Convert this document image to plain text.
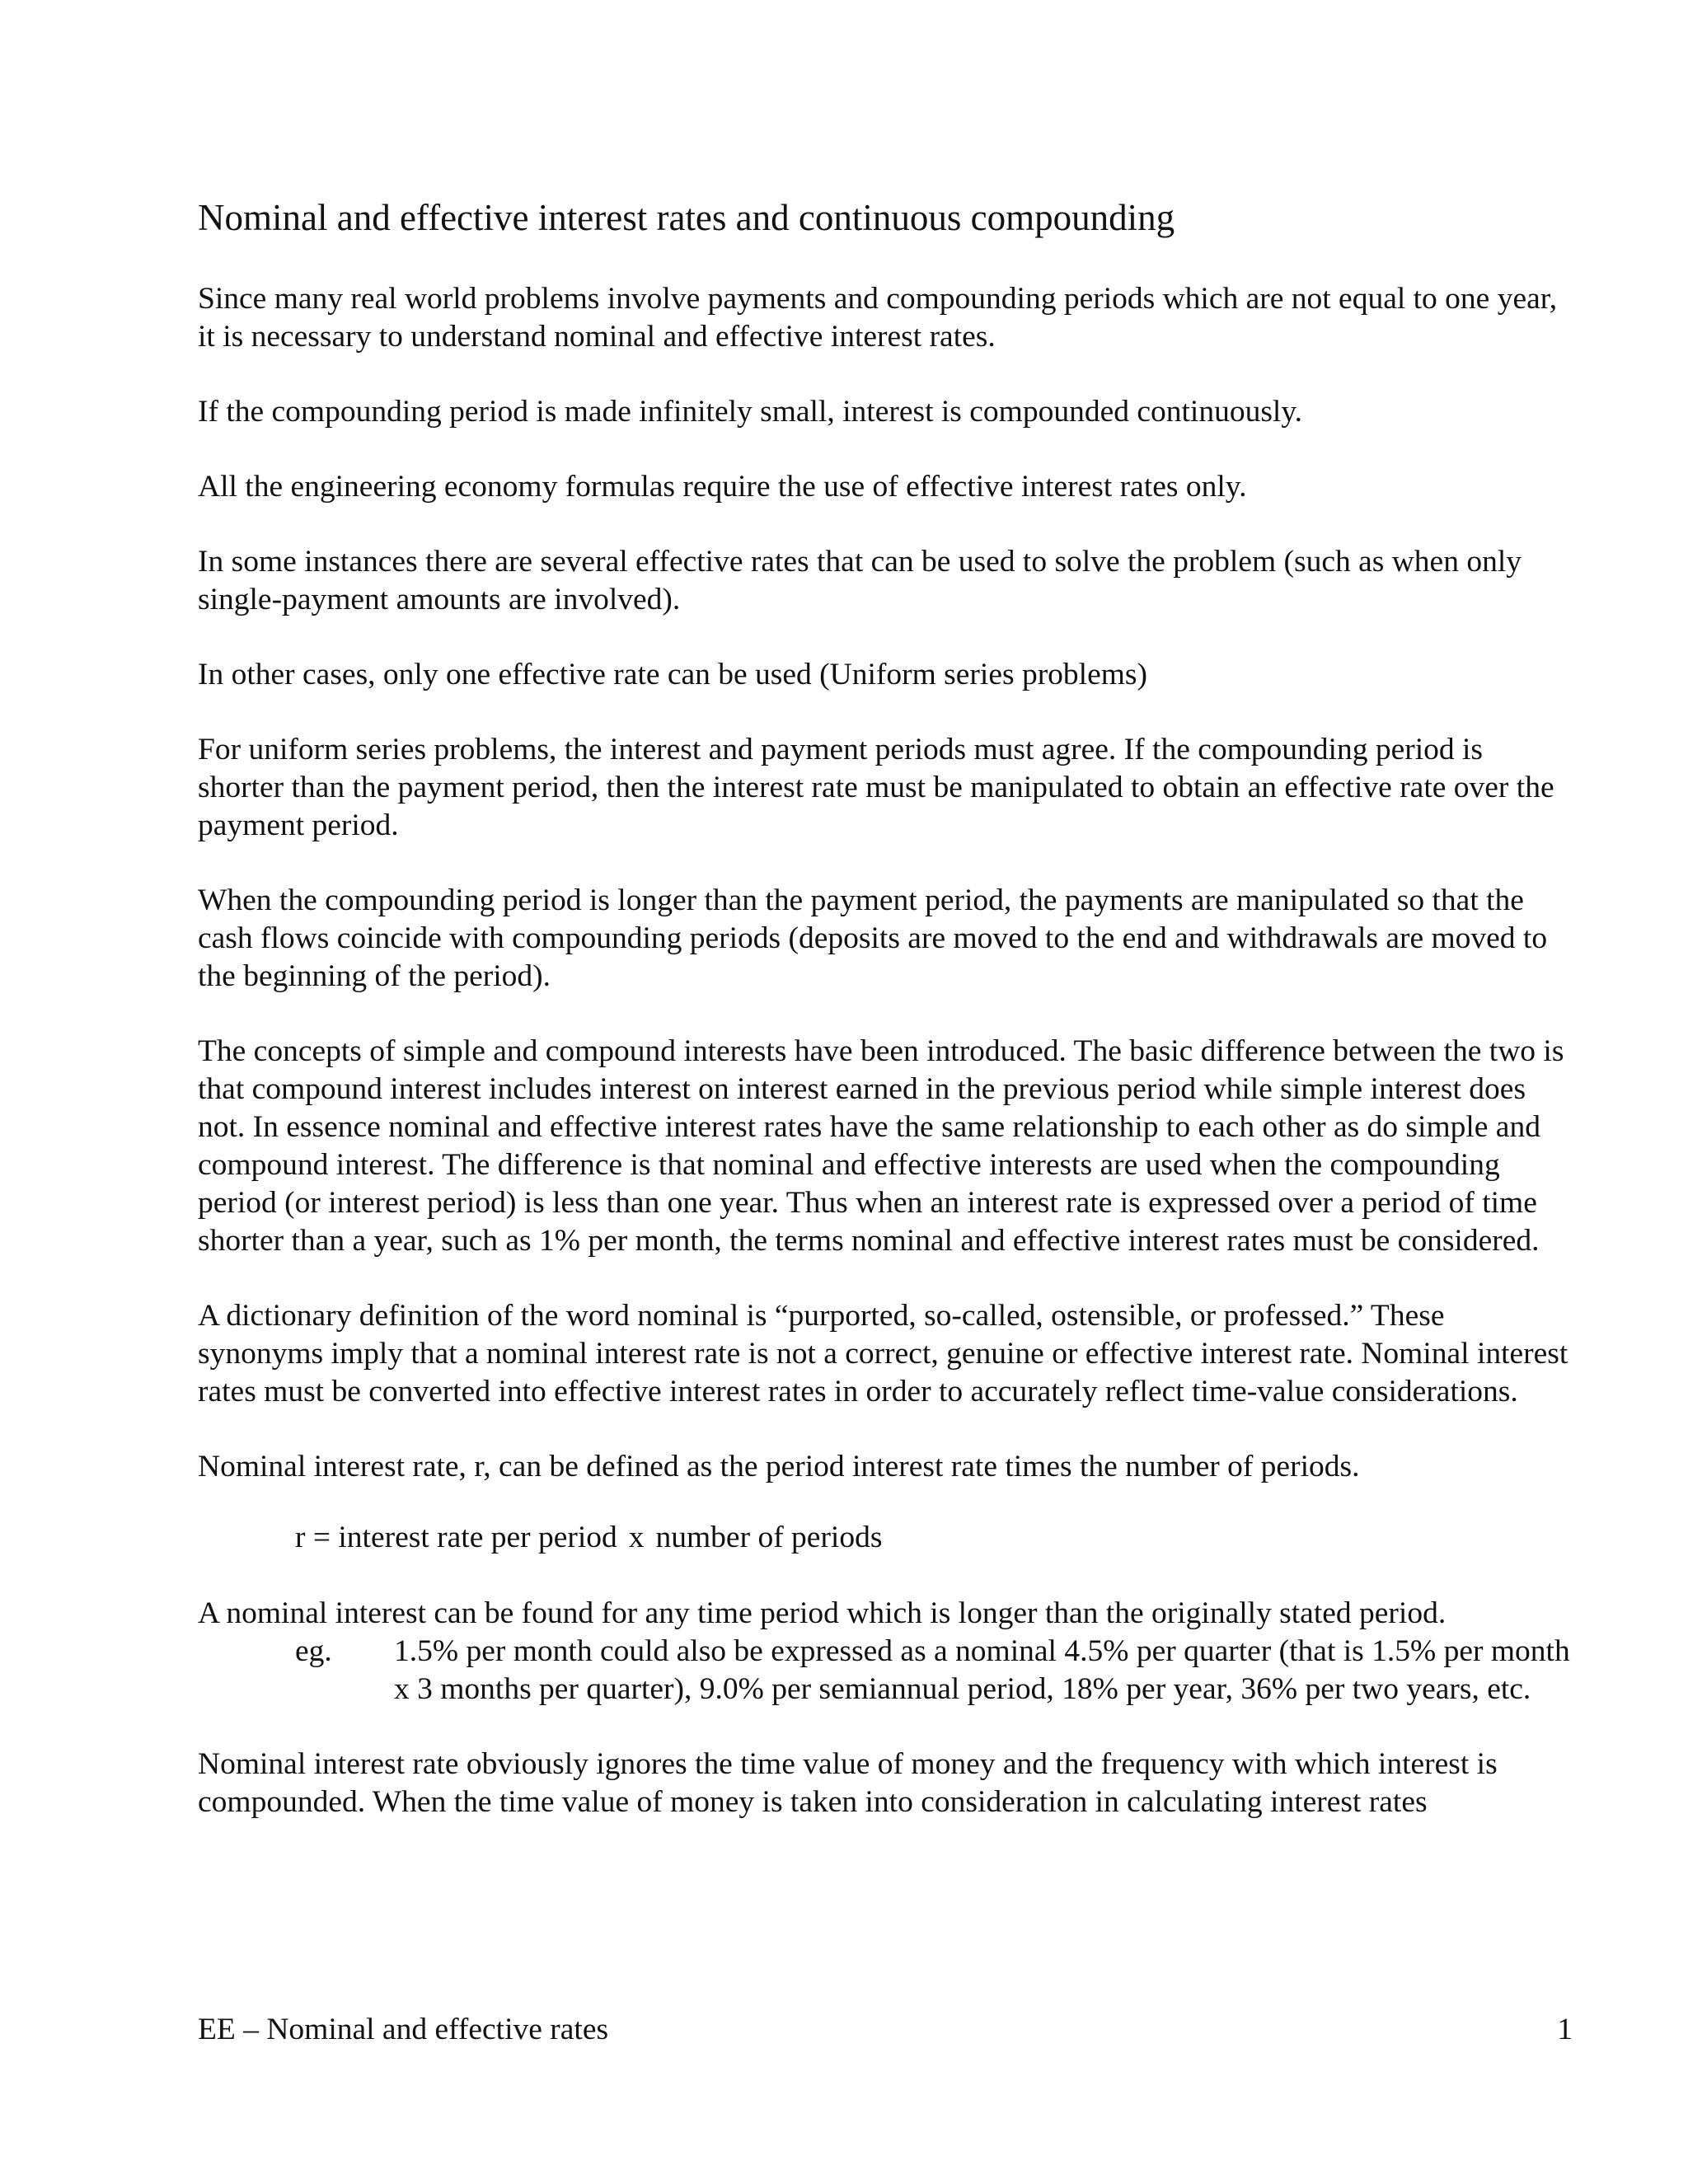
Nominal and effective interest rates and continuous compounding

Since many real world problems involve payments and compounding periods which are not equal to one year, it is necessary to understand nominal and effective interest rates.

If the compounding period is made infinitely small, interest is compounded continuously.

All the engineering economy formulas require the use of effective interest rates only.

In some instances there are several effective rates that can be used to solve the problem (such as when only single-payment amounts are involved).

In other cases, only one effective rate can be used (Uniform series problems)

For uniform series problems, the interest and payment periods must agree. If the compounding period is shorter than the payment period, then the interest rate must be manipulated to obtain an effective rate over the payment period.

When the compounding period is longer than the payment period, the payments are manipulated so that the cash flows coincide with compounding periods (deposits are moved to the end and withdrawals are moved to the beginning of the period).

The concepts of simple and compound interests have been introduced. The basic difference between the two is that compound interest includes interest on interest earned in the previous period while simple interest does not. In essence nominal and effective interest rates have the same relationship to each other as do simple and compound interest. The difference is that nominal and effective interests are used when the compounding period (or interest period) is less than one year. Thus when an interest rate is expressed over a period of time shorter than a year, such as 1% per month, the terms nominal and effective interest rates must be considered.

A dictionary definition of the word nominal is “purported, so-called, ostensible, or professed.” These synonyms imply that a nominal interest rate is not a correct, genuine or effective interest rate. Nominal interest rates must be converted into effective interest rates in order to accurately reflect time-value considerations.

Nominal interest rate, r, can be defined as the period interest rate times the number of periods.

r = interest rate per period x number of periods

A nominal interest can be found for any time period which is longer than the originally stated period.

eg.	1.5% per month could also be expressed as a nominal 4.5% per quarter (that is 1.5% per month x 3 months per quarter), 9.0% per semiannual period, 18% per year, 36% per two years, etc.

Nominal interest rate obviously ignores the time value of money and the frequency with which interest is compounded. When the time value of money is taken into consideration in calculating interest rates

EE – Nominal and effective rates	1
